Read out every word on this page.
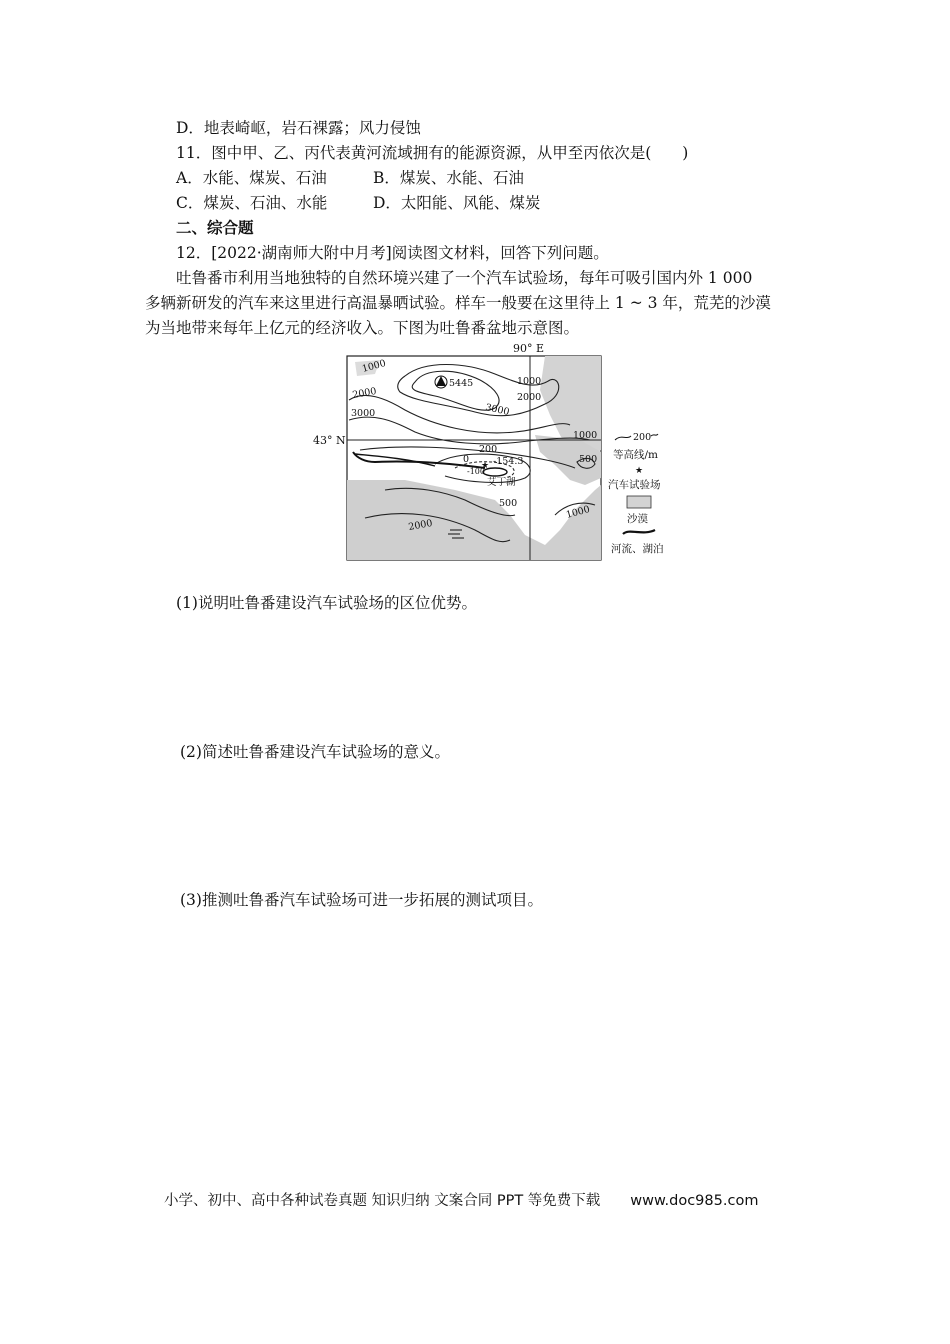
D．地表崎岖，岩石裸露；风力侵蚀
11．图中甲、乙、丙代表黄河流域拥有的能源资源，从甲至丙依次是(　　)
A．水能、煤炭、石油	B．煤炭、水能、石油
C．煤炭、石油、水能	D．太阳能、风能、煤炭
二、综合题
12．[2022·湖南师大附中月考]阅读图文材料，回答下列问题。
吐鲁番市利用当地独特的自然环境兴建了一个汽车试验场，每年可吸引国内外 1 000
多辆新研发的汽车来这里进行高温暴晒试验。样车一般要在这里待上 1 ~ 3 年，荒芜的沙漠
为当地带来每年上亿元的经济收入。下图为吐鲁番盆地示意图。
★
90° E
43° N
5445
-154.3
艾丁湖
1000
2000
3000	3000
2000
1000
1000
500
200
0
-100
500
2000
1000
200
等高线/m
★
汽车试验场
沙漠
河流、湖泊
(1)说明吐鲁番建设汽车试验场的区位优势。
(2)简述吐鲁番建设汽车试验场的意义。
(3)推测吐鲁番汽车试验场可进一步拓展的测试项目。
小学、初中、高中各种试卷真题 知识归纳 文案合同 PPT 等免费下载 www.doc985.com
